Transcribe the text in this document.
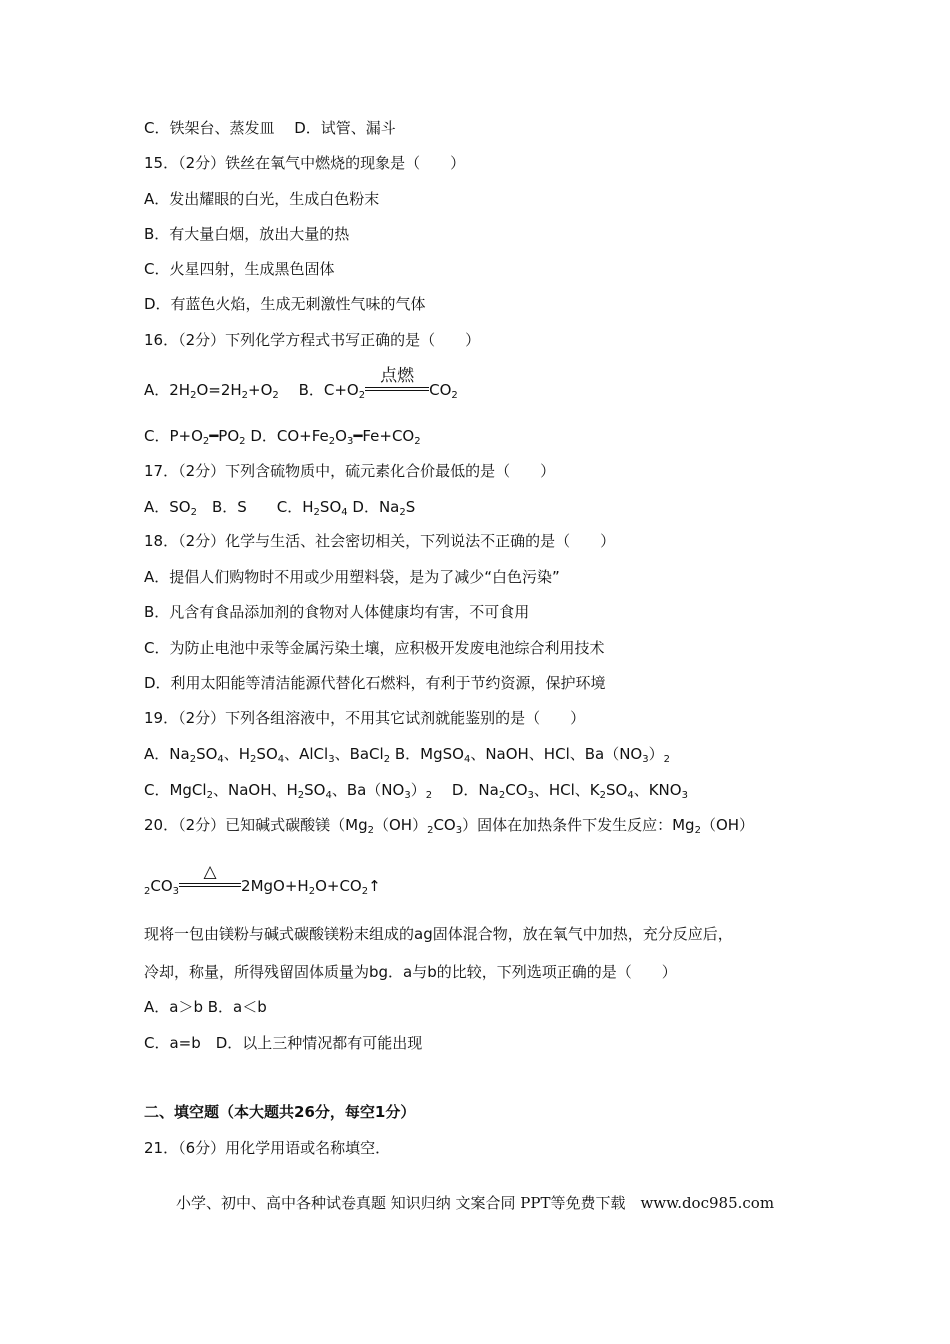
C．铁架台、蒸发皿　 D．试管、漏斗
15．（2分）铁丝在氧气中燃烧的现象是（　　）
A．发出耀眼的白光，生成白色粉末
B．有大量白烟，放出大量的热
C．火星四射，生成黑色固体
D．有蓝色火焰，生成无刺激性气味的气体
16．（2分）下列化学方程式书写正确的是（　　）
A．$2H_2O=2H_2+O_2$　 B．$C+O_2$
点燃
$CO_2$
C．$P+O_2━PO_2$ D．$CO+Fe_2O_3━Fe+CO_2$
17．（2分）下列含硫物质中，硫元素化合价最低的是（　　）
A．$SO_2$　B．S　　C．$H_2SO_4$ D．$Na_2S$
18．（2分）化学与生活、社会密切相关，下列说法不正确的是（　　）
A．提倡人们购物时不用或少用塑料袋，是为了减少“白色污染”
B．凡含有食品添加剂的食物对人体健康均有害，不可食用
C．为防止电池中汞等金属污染土壤，应积极开发废电池综合利用技术
D．利用太阳能等清洁能源代替化石燃料，有利于节约资源，保护环境
19．（2分）下列各组溶液中，不用其它试剂就能鉴别的是（　　）
A．$Na_2SO_4$、$H_2SO_4$、AlCl$_3$、BaCl$_2$ B．MgSO$_4$、NaOH、HCl、$Ba(NO_3)_2$
C．MgCl$_2$、NaOH、$H_2SO_4$、$Ba(NO_3)_2$　 D．$Na_2CO_3$、HCl、$K_2SO_4$、$KNO_3$
20．（2分）已知碱式碳酸镁$(Mg_2(OH)_2CO_3)$固体在加热条件下发生反应：$Mg_2(OH)$
$_2CO_3$
△
$2MgO+H_2O+CO_2↑$
现将一包由镁粉与碱式碳酸镁粉末组成的ag固体混合物，放在氧气中加热，充分反应后，
冷却，称量，所得残留固体质量为bg．a与b的比较，下列选项正确的是（　　）
A．a＞b B．a＜b
C．a=b　D．以上三种情况都有可能出现
二、填空题（本大题共26分，每空1分）
21．（6分）用化学用语或名称填空．
小学、初中、高中各种试卷真题 知识归纳 文案合同 PPT等免费下载　www.doc985.com
